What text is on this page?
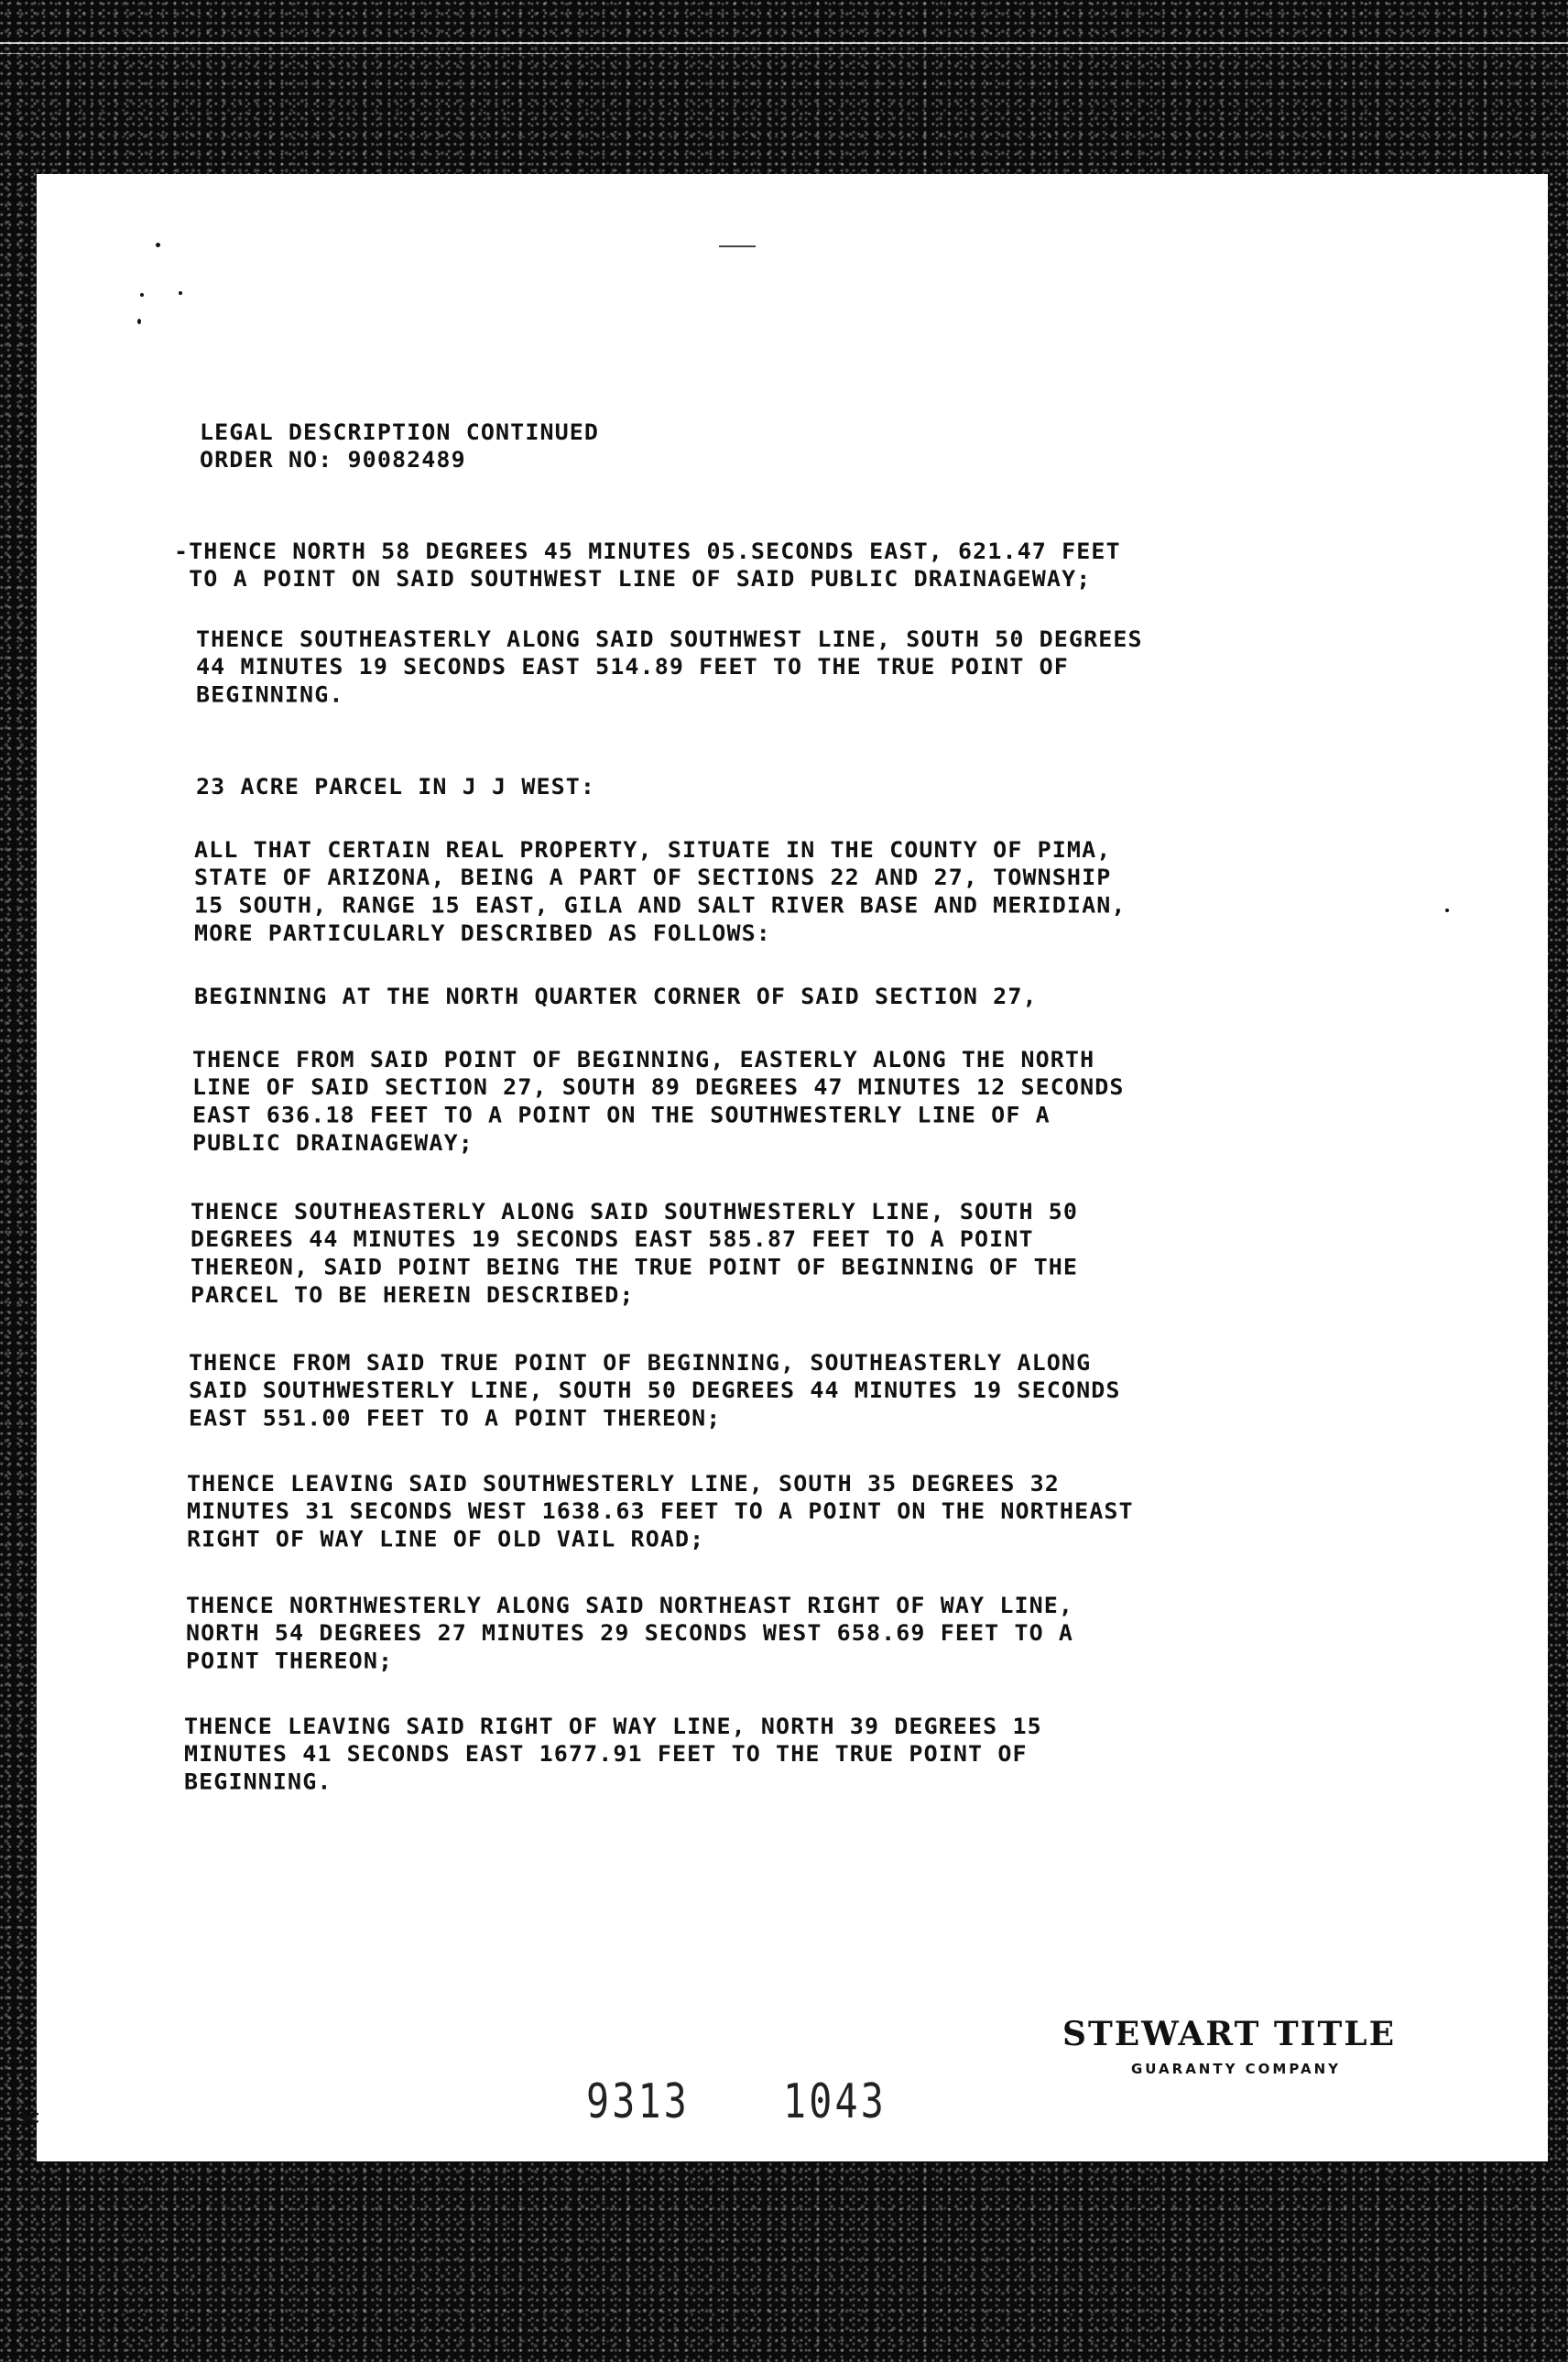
LEGAL DESCRIPTION CONTINUED
ORDER NO: 90082489
-THENCE NORTH 58 DEGREES 45 MINUTES 05.SECONDS EAST, 621.47 FEET
TO A POINT ON SAID SOUTHWEST LINE OF SAID PUBLIC DRAINAGEWAY;
THENCE SOUTHEASTERLY ALONG SAID SOUTHWEST LINE, SOUTH 50 DEGREES
44 MINUTES 19 SECONDS EAST 514.89 FEET TO THE TRUE POINT OF
BEGINNING.
23 ACRE PARCEL IN J J WEST:
ALL THAT CERTAIN REAL PROPERTY, SITUATE IN THE COUNTY OF PIMA,
STATE OF ARIZONA, BEING A PART OF SECTIONS 22 AND 27, TOWNSHIP
15 SOUTH, RANGE 15 EAST, GILA AND SALT RIVER BASE AND MERIDIAN,
MORE PARTICULARLY DESCRIBED AS FOLLOWS:
BEGINNING AT THE NORTH QUARTER CORNER OF SAID SECTION 27,
THENCE FROM SAID POINT OF BEGINNING, EASTERLY ALONG THE NORTH
LINE OF SAID SECTION 27, SOUTH 89 DEGREES 47 MINUTES 12 SECONDS
EAST 636.18 FEET TO A POINT ON THE SOUTHWESTERLY LINE OF A
PUBLIC DRAINAGEWAY;
THENCE SOUTHEASTERLY ALONG SAID SOUTHWESTERLY LINE, SOUTH 50
DEGREES 44 MINUTES 19 SECONDS EAST 585.87 FEET TO A POINT
THEREON, SAID POINT BEING THE TRUE POINT OF BEGINNING OF THE
PARCEL TO BE HEREIN DESCRIBED;
THENCE FROM SAID TRUE POINT OF BEGINNING, SOUTHEASTERLY ALONG
SAID SOUTHWESTERLY LINE, SOUTH 50 DEGREES 44 MINUTES 19 SECONDS
EAST 551.00 FEET TO A POINT THEREON;
THENCE LEAVING SAID SOUTHWESTERLY LINE, SOUTH 35 DEGREES 32
MINUTES 31 SECONDS WEST 1638.63 FEET TO A POINT ON THE NORTHEAST
RIGHT OF WAY LINE OF OLD VAIL ROAD;
THENCE NORTHWESTERLY ALONG SAID NORTHEAST RIGHT OF WAY LINE,
NORTH 54 DEGREES 27 MINUTES 29 SECONDS WEST 658.69 FEET TO A
POINT THEREON;
THENCE LEAVING SAID RIGHT OF WAY LINE, NORTH 39 DEGREES 15
MINUTES 41 SECONDS EAST 1677.91 FEET TO THE TRUE POINT OF
BEGINNING.
STEWART TITLE
GUARANTY COMPANY
9313 1043
9C
